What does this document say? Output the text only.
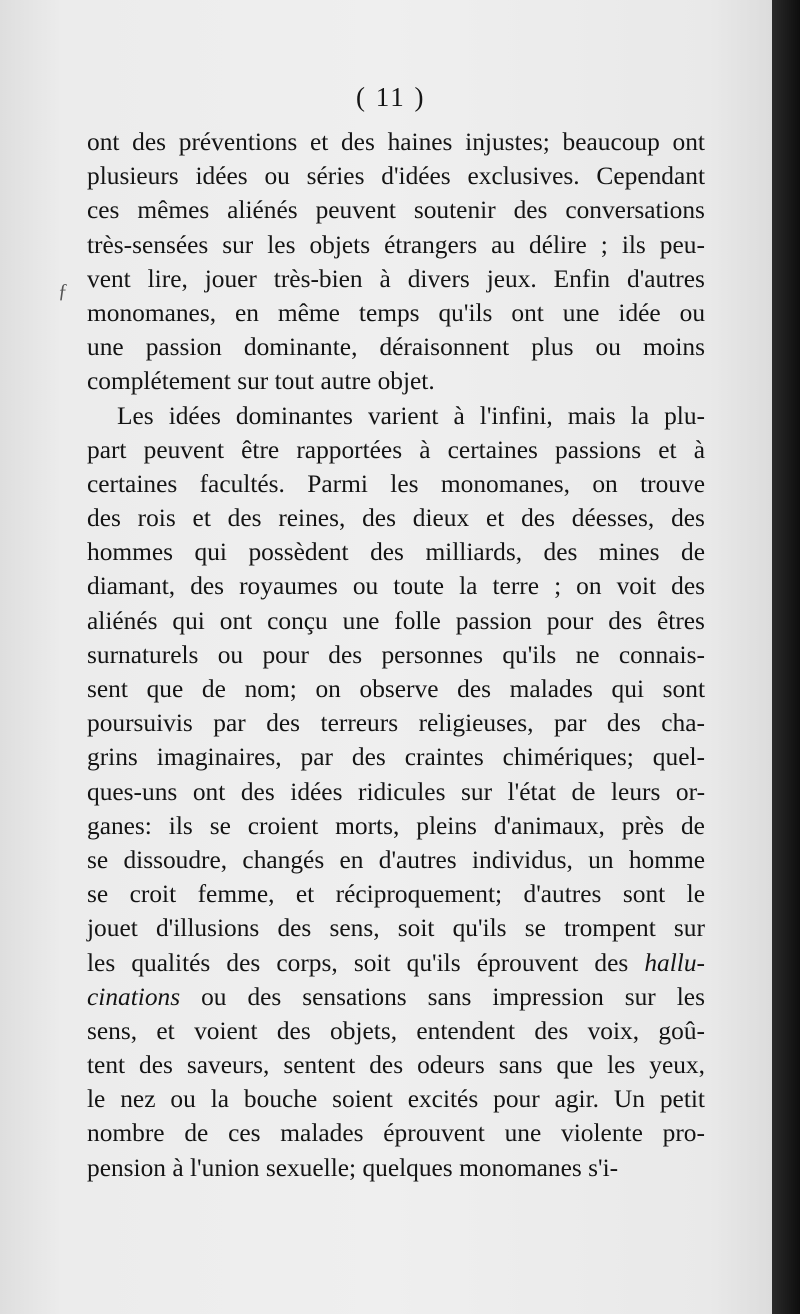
( 11 )
ƒ
ont des préventions et des haines injustes; beaucoup ont
plusieurs idées ou séries d'idées exclusives. Cependant
ces mêmes aliénés peuvent soutenir des conversations
très-sensées sur les objets étrangers au délire ; ils peu-
vent lire, jouer très-bien à divers jeux. Enfin d'autres
monomanes, en même temps qu'ils ont une idée ou
une passion dominante, déraisonnent plus ou moins
complétement sur tout autre objet.
Les idées dominantes varient à l'infini, mais la plu-
part peuvent être rapportées à certaines passions et à
certaines facultés. Parmi les monomanes, on trouve
des rois et des reines, des dieux et des déesses, des
hommes qui possèdent des milliards, des mines de
diamant, des royaumes ou toute la terre ; on voit des
aliénés qui ont conçu une folle passion pour des êtres
surnaturels ou pour des personnes qu'ils ne connais-
sent que de nom; on observe des malades qui sont
poursuivis par des terreurs religieuses, par des cha-
grins imaginaires, par des craintes chimériques; quel-
ques-uns ont des idées ridicules sur l'état de leurs or-
ganes: ils se croient morts, pleins d'animaux, près de
se dissoudre, changés en d'autres individus, un homme
se croit femme, et réciproquement; d'autres sont le
jouet d'illusions des sens, soit qu'ils se trompent sur
les qualités des corps, soit qu'ils éprouvent des hallu-
cinations ou des sensations sans impression sur les
sens, et voient des objets, entendent des voix, goû-
tent des saveurs, sentent des odeurs sans que les yeux,
le nez ou la bouche soient excités pour agir. Un petit
nombre de ces malades éprouvent une violente pro-
pension à l'union sexuelle; quelques monomanes s'i-
